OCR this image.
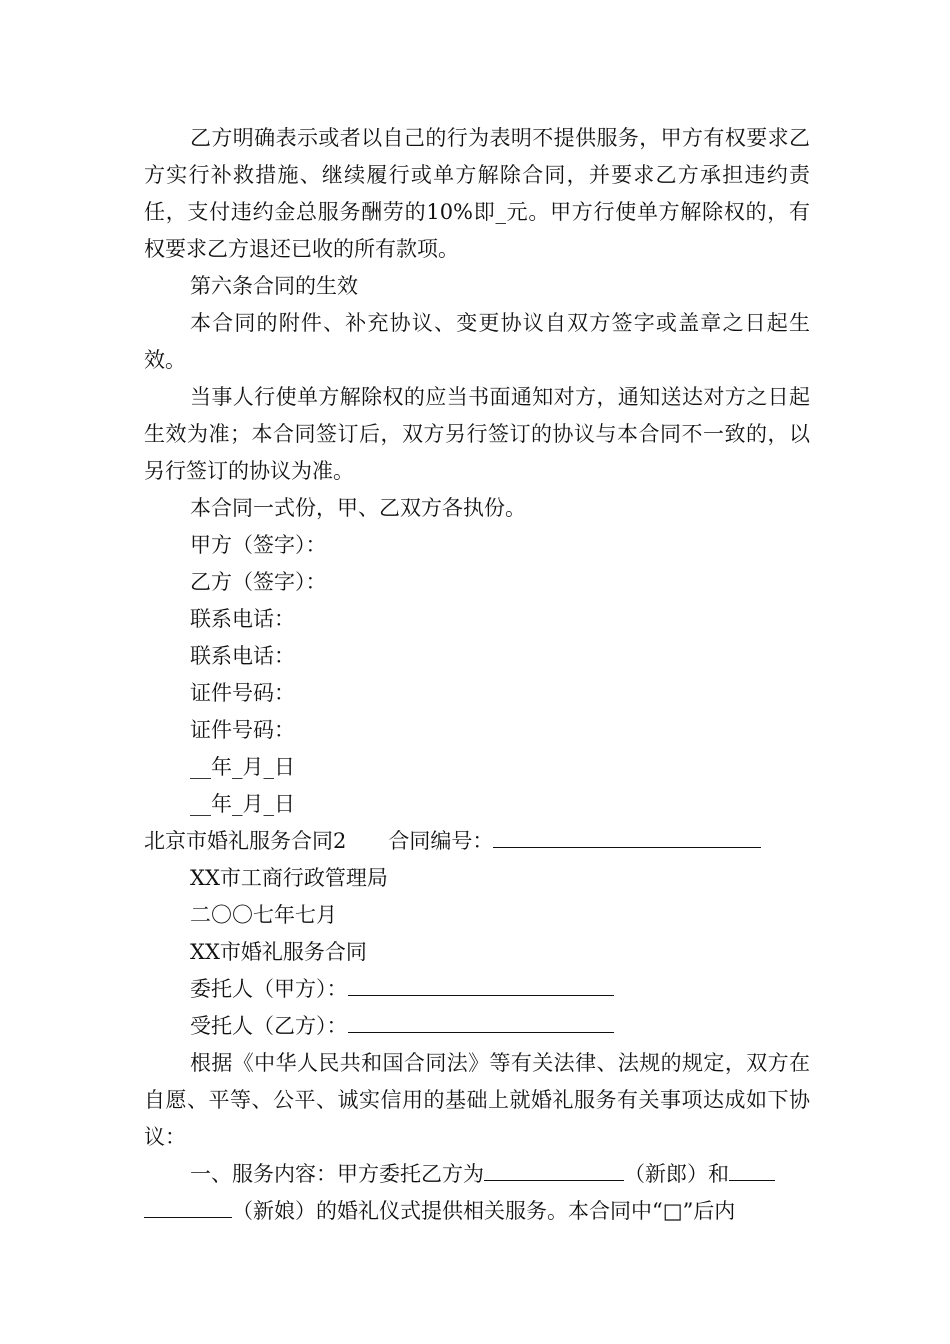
乙方明确表示或者以自己的行为表明不提供服务，甲方有权要求乙方实行补救措施、继续履行或单方解除合同，并要求乙方承担违约责任，支付违约金总服务酬劳的10%即_元。甲方行使单方解除权的，有权要求乙方退还已收的所有款项。

第六条合同的生效

本合同的附件、补充协议、变更协议自双方签字或盖章之日起生效。

当事人行使单方解除权的应当书面通知对方，通知送达对方之日起生效为准；本合同签订后，双方另行签订的协议与本合同不一致的，以另行签订的协议为准。

本合同一式份，甲、乙双方各执份。

甲方（签字）：

乙方（签字）：

联系电话：

联系电话：

证件号码：

证件号码：

__年_月_日

__年_月_日

北京市婚礼服务合同2 合同编号：

XX市工商行政管理局

二〇〇七年七月

XX市婚礼服务合同

委托人（甲方）：
受托人（乙方）：

根据《中华人民共和国合同法》等有关法律、法规的规定，双方在自愿、平等、公平、诚实信用的基础上就婚礼服务有关事项达成如下协议：

一、服务内容：甲方委托乙方为	（新郎）和
（新娘）的婚礼仪式提供相关服务。本合同中“□”后内
